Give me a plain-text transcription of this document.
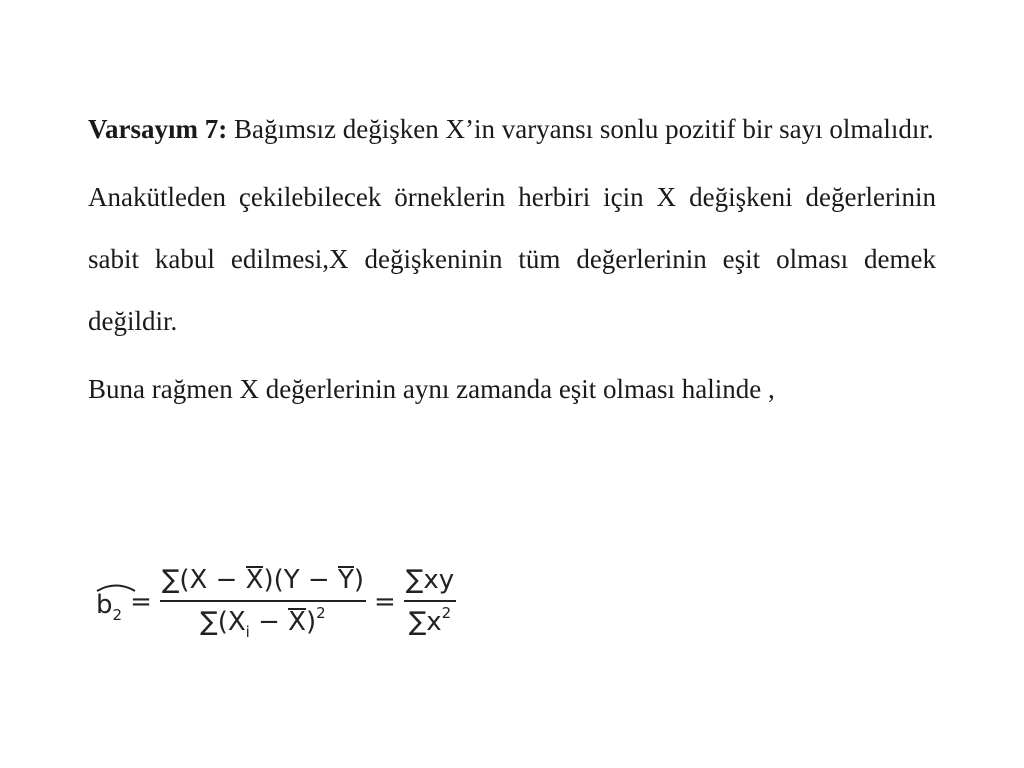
Varsayım 7: Bağımsız değişken X’in varyansı sonlu pozitif bir sayı olmalıdır.

Anakütleden çekilebilecek örneklerin herbiri için X değişkeni değerlerinin sabit kabul edilmesi,X değişkeninin tüm değerlerinin eşit olması demek değildir.

Buna rağmen X değerlerinin aynı zamanda eşit olması halinde ,

$b_2 = \frac{\sum(X - X)(Y - Y)}{\sum(X_i - X)^2} = \frac{\sum xy}{\sum x^2}$
